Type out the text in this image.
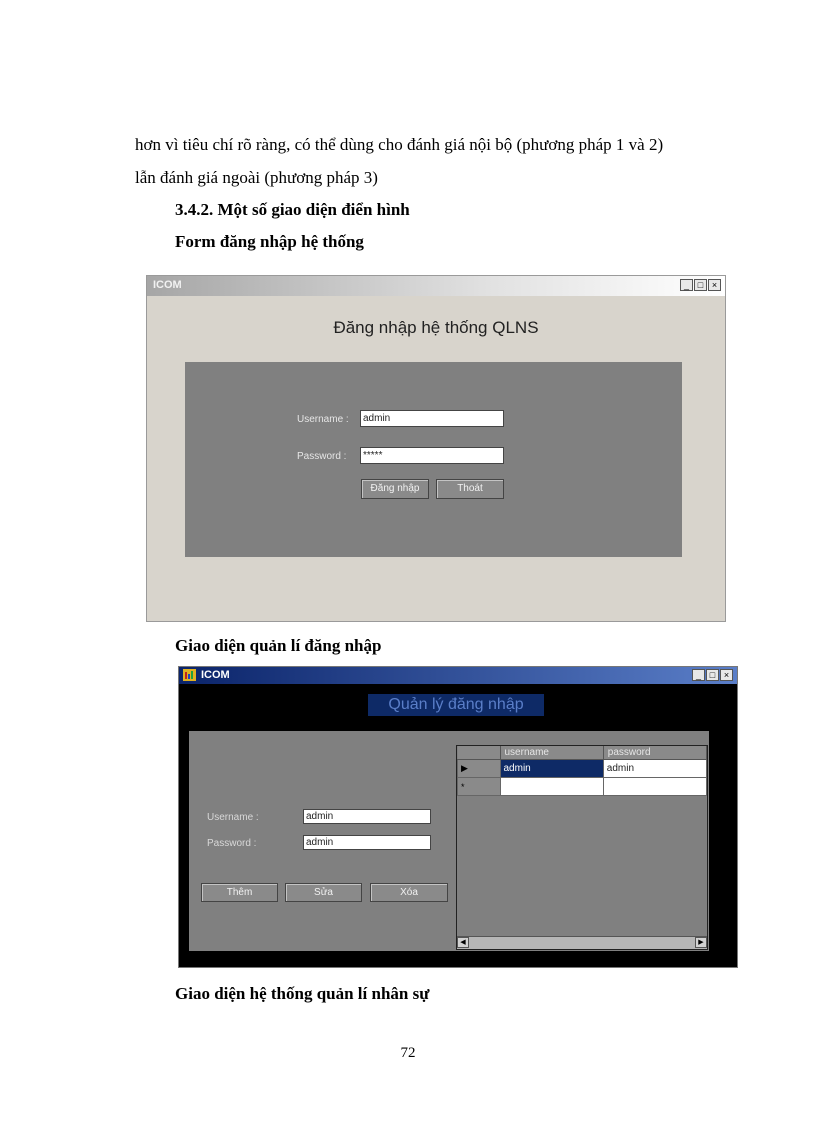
hơn vì tiêu chí rõ ràng, có thể dùng cho đánh giá nội bộ (phương pháp 1 và 2)
lẫn đánh giá ngoài (phương pháp 3)
3.4.2. Một số giao diện điển hình
Form đăng nhập hệ thống
ICOM	_ □ ×
Đăng nhập hệ thống QLNS
Username :	admin
Password :	*****
Đăng nhập	Thoát
Giao diện quản lí đăng nhập
ICOM	_ □ ×
Quản lý đăng nhập
Username :	admin
Password :	admin
Thêm	Sửa	Xóa
	username	password
▶	admin	admin
*		
◀	▶
Giao diện hệ thống quản lí nhân sự
72
